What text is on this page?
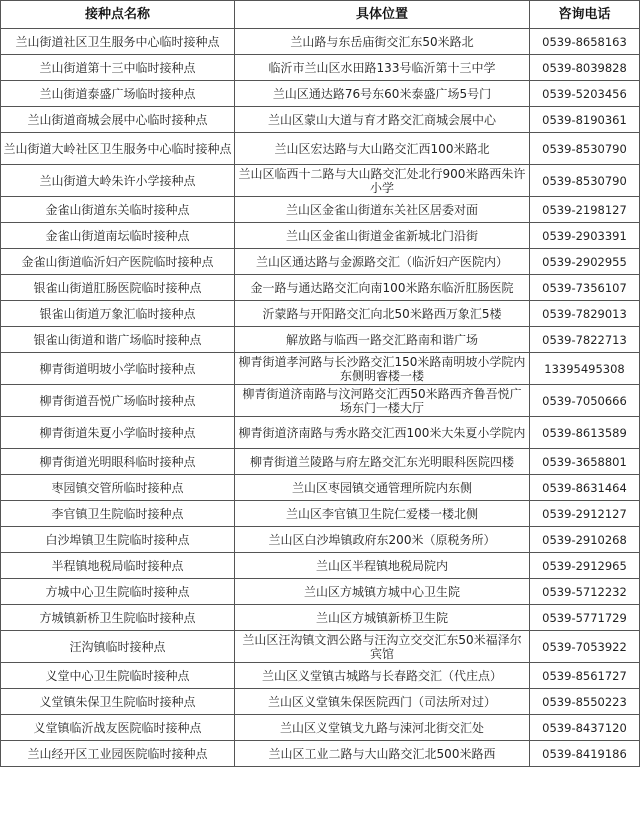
接种点名称	具体位置	咨询电话
兰山街道社区卫生服务中心临时接种点	兰山路与东岳庙街交汇东50米路北	0539-8658163
兰山街道第十三中临时接种点	临沂市兰山区水田路133号临沂第十三中学	0539-8039828
兰山街道泰盛广场临时接种点	兰山区通达路76号东60米泰盛广场5号门	0539-5203456
兰山街道商城会展中心临时接种点	兰山区蒙山大道与育才路交汇商城会展中心	0539-8190361
兰山街道大岭社区卫生服务中心临时接种点	兰山区宏达路与大山路交汇西100米路北	0539-8530790
兰山街道大岭朱许小学接种点	兰山区临西十二路与大山路交汇处北行900米路西朱许小学	0539-8530790
金雀山街道东关临时接种点	兰山区金雀山街道东关社区居委对面	0539-2198127
金雀山街道南坛临时接种点	兰山区金雀山街道金雀新城北门沿街	0539-2903391
金雀山街道临沂妇产医院临时接种点	兰山区通达路与金源路交汇（临沂妇产医院内）	0539-2902955
银雀山街道肛肠医院临时接种点	金一路与通达路交汇向南100米路东临沂肛肠医院	0539-7356107
银雀山街道万象汇临时接种点	沂蒙路与开阳路交汇向北50米路西万象汇5楼	0539-7829013
银雀山街道和谐广场临时接种点	解放路与临西一路交汇路南和谐广场	0539-7822713
柳青街道明坡小学临时接种点	柳青街道孝河路与长沙路交汇150米路南明坡小学院内东侧明睿楼一楼	13395495308
柳青街道吾悦广场临时接种点	柳青街道济南路与汶河路交汇西50米路西齐鲁吾悦广场东门一楼大厅	0539-7050666
柳青街道朱夏小学临时接种点	柳青街道济南路与秀水路交汇西100米大朱夏小学院内	0539-8613589
柳青街道光明眼科临时接种点	柳青街道兰陵路与府左路交汇东光明眼科医院四楼	0539-3658801
枣园镇交管所临时接种点	兰山区枣园镇交通管理所院内东侧	0539-8631464
李官镇卫生院临时接种点	兰山区李官镇卫生院仁爱楼一楼北侧	0539-2912127
白沙埠镇卫生院临时接种点	兰山区白沙埠镇政府东200米（原税务所）	0539-2910268
半程镇地税局临时接种点	兰山区半程镇地税局院内	0539-2912965
方城中心卫生院临时接种点	兰山区方城镇方城中心卫生院	0539-5712232
方城镇新桥卫生院临时接种点	兰山区方城镇新桥卫生院	0539-5771729
汪沟镇临时接种点	兰山区汪沟镇文泗公路与汪沟立交交汇东50米福泽尔宾馆	0539-7053922
义堂中心卫生院临时接种点	兰山区义堂镇古城路与长春路交汇（代庄点）	0539-8561727
义堂镇朱保卫生院临时接种点	兰山区义堂镇朱保医院西门（司法所对过）	0539-8550223
义堂镇临沂战友医院临时接种点	兰山区义堂镇戈九路与涑河北街交汇处	0539-8437120
兰山经开区工业园医院临时接种点	兰山区工业二路与大山路交汇北500米路西	0539-8419186
